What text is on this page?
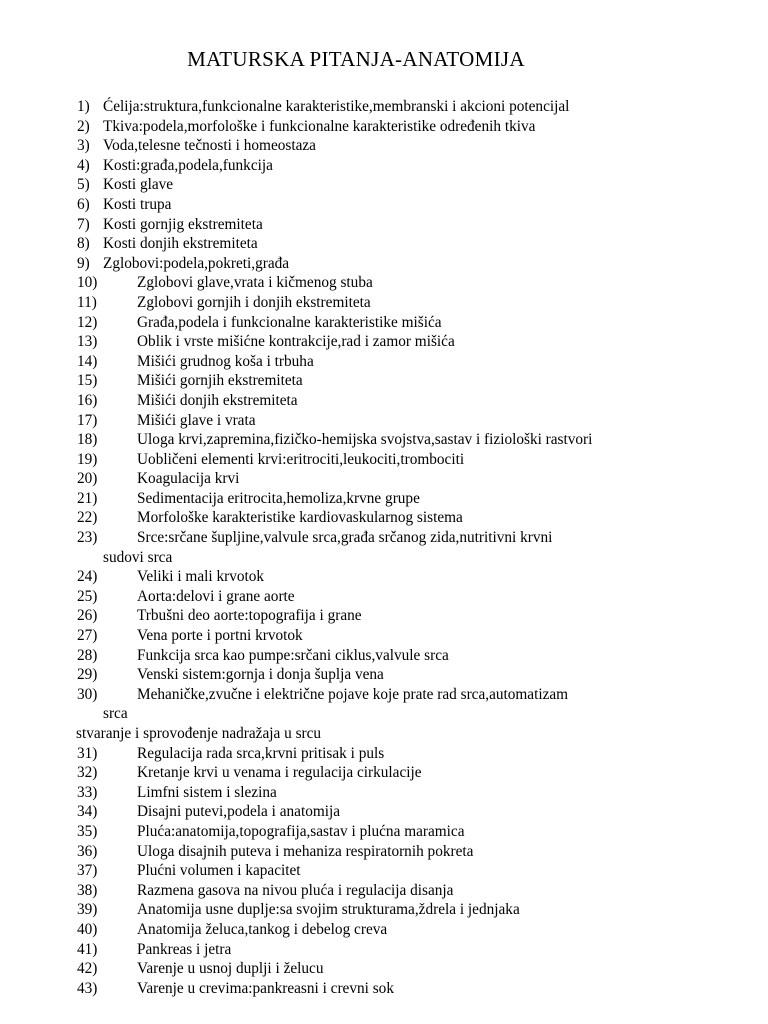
MATURSKA PITANJA-ANATOMIJA
1) Ćelija:struktura,funkcionalne karakteristike,membranski i akcioni potencijal
2) Tkiva:podela,morfološke i funkcionalne karakteristike određenih tkiva
3) Voda,telesne tečnosti i homeostaza
4) Kosti:građa,podela,funkcija
5) Kosti glave
6) Kosti trupa
7) Kosti gornjig ekstremiteta
8) Kosti donjih ekstremiteta
9) Zglobovi:podela,pokreti,građa
10)	Zglobovi glave,vrata i kičmenog stuba
11)	Zglobovi gornjih i donjih ekstremiteta
12)	Građa,podela i funkcionalne karakteristike mišića
13)	Oblik i vrste mišićne kontrakcije,rad i zamor mišića
14)	Mišići grudnog koša i trbuha
15)	Mišići gornjih ekstremiteta
16)	Mišići donjih ekstremiteta
17)	Mišići glave i vrata
18)	Uloga krvi,zapremina,fizičko-hemijska svojstva,sastav i fiziološki rastvori
19)	Uobličeni elementi krvi:eritrociti,leukociti,trombociti
20)	Koagulacija krvi
21)	Sedimentacija eritrocita,hemoliza,krvne grupe
22)	Morfološke karakteristike kardiovaskularnog sistema
23)	Srce:srčane šupljine,valvule srca,građa srčanog zida,nutritivni krvni
sudovi srca
24)	Veliki i mali krvotok
25)	Aorta:delovi i grane aorte
26)	Trbušni deo aorte:topografija i grane
27)	Vena porte i portni krvotok
28)	Funkcija srca kao pumpe:srčani ciklus,valvule srca
29)	Venski sistem:gornja i donja šuplja vena
30)	Mehaničke,zvučne i električne pojave koje prate rad srca,automatizam
srca
stvaranje i sprovođenje nadražaja u srcu
31)	Regulacija rada srca,krvni pritisak i puls
32)	Kretanje krvi u venama i regulacija cirkulacije
33)	Limfni sistem i slezina
34)	Disajni putevi,podela i anatomija
35)	Pluća:anatomija,topografija,sastav i plućna maramica
36)	Uloga disajnih puteva i mehaniza respiratornih pokreta
37)	Plućni volumen i kapacitet
38)	Razmena gasova na nivou pluća i regulacija disanja
39)	Anatomija usne duplje:sa svojim strukturama,ždrela i jednjaka
40)	Anatomija želuca,tankog i debelog creva
41)	Pankreas i jetra
42)	Varenje u usnoj duplji i želucu
43)	Varenje u crevima:pankreasni i crevni sok
